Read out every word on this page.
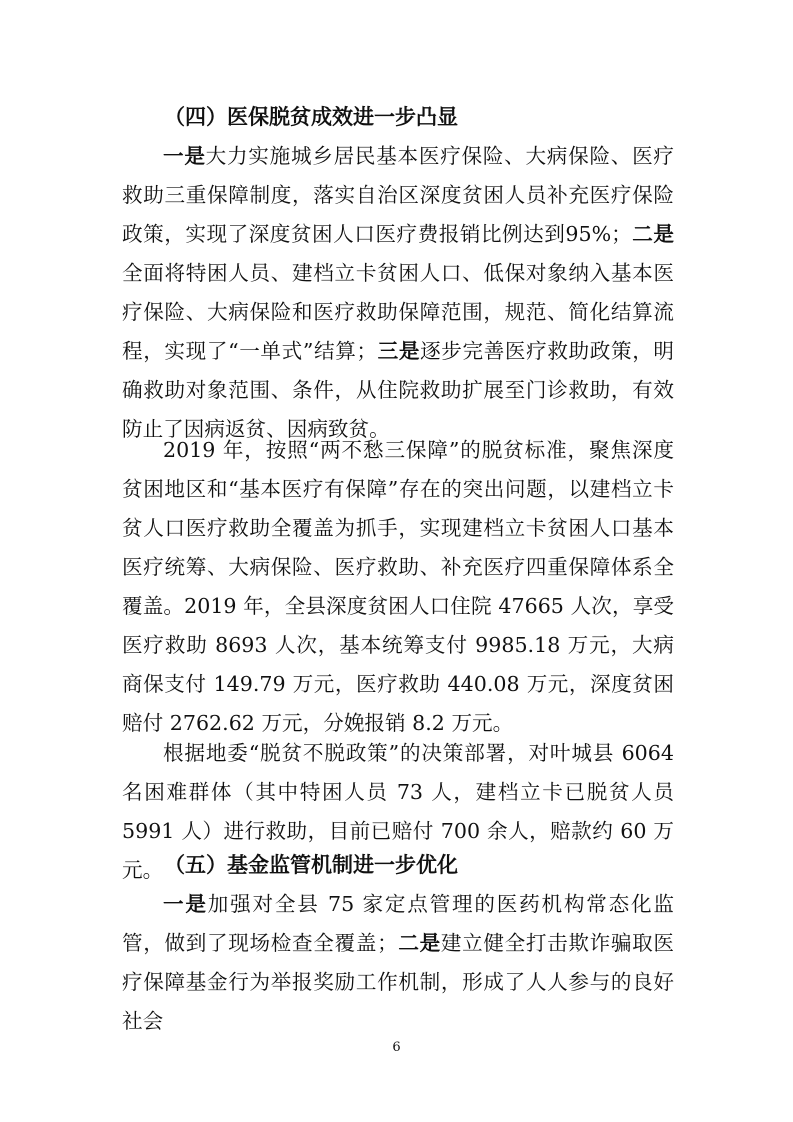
（四）医保脱贫成效进一步凸显

一是大力实施城乡居民基本医疗保险、大病保险、医疗救助三重保障制度，落实自治区深度贫困人员补充医疗保险政策，实现了深度贫困人口医疗费报销比例达到95%；二是全面将特困人员、建档立卡贫困人口、低保对象纳入基本医疗保险、大病保险和医疗救助保障范围，规范、简化结算流程，实现了“一单式”结算；三是逐步完善医疗救助政策，明确救助对象范围、条件，从住院救助扩展至门诊救助，有效防止了因病返贫、因病致贫。

2019 年，按照“两不愁三保障”的脱贫标准，聚焦深度贫困地区和“基本医疗有保障”存在的突出问题，以建档立卡贫人口医疗救助全覆盖为抓手，实现建档立卡贫困人口基本医疗统筹、大病保险、医疗救助、补充医疗四重保障体系全覆盖。2019 年，全县深度贫困人口住院 47665 人次，享受医疗救助 8693 人次，基本统筹支付 9985.18 万元，大病商保支付 149.79 万元，医疗救助 440.08 万元，深度贫困赔付 2762.62 万元，分娩报销 8.2 万元。

根据地委“脱贫不脱政策”的决策部署，对叶城县 6064 名困难群体（其中特困人员 73 人，建档立卡已脱贫人员 5991 人）进行救助，目前已赔付 700 余人，赔款约 60 万元。 （五）基金监管机制进一步优化

一是加强对全县 75 家定点管理的医药机构常态化监管，做到了现场检查全覆盖；二是建立健全打击欺诈骗取医疗保障基金行为举报奖励工作机制，形成了人人参与的良好社会

6
